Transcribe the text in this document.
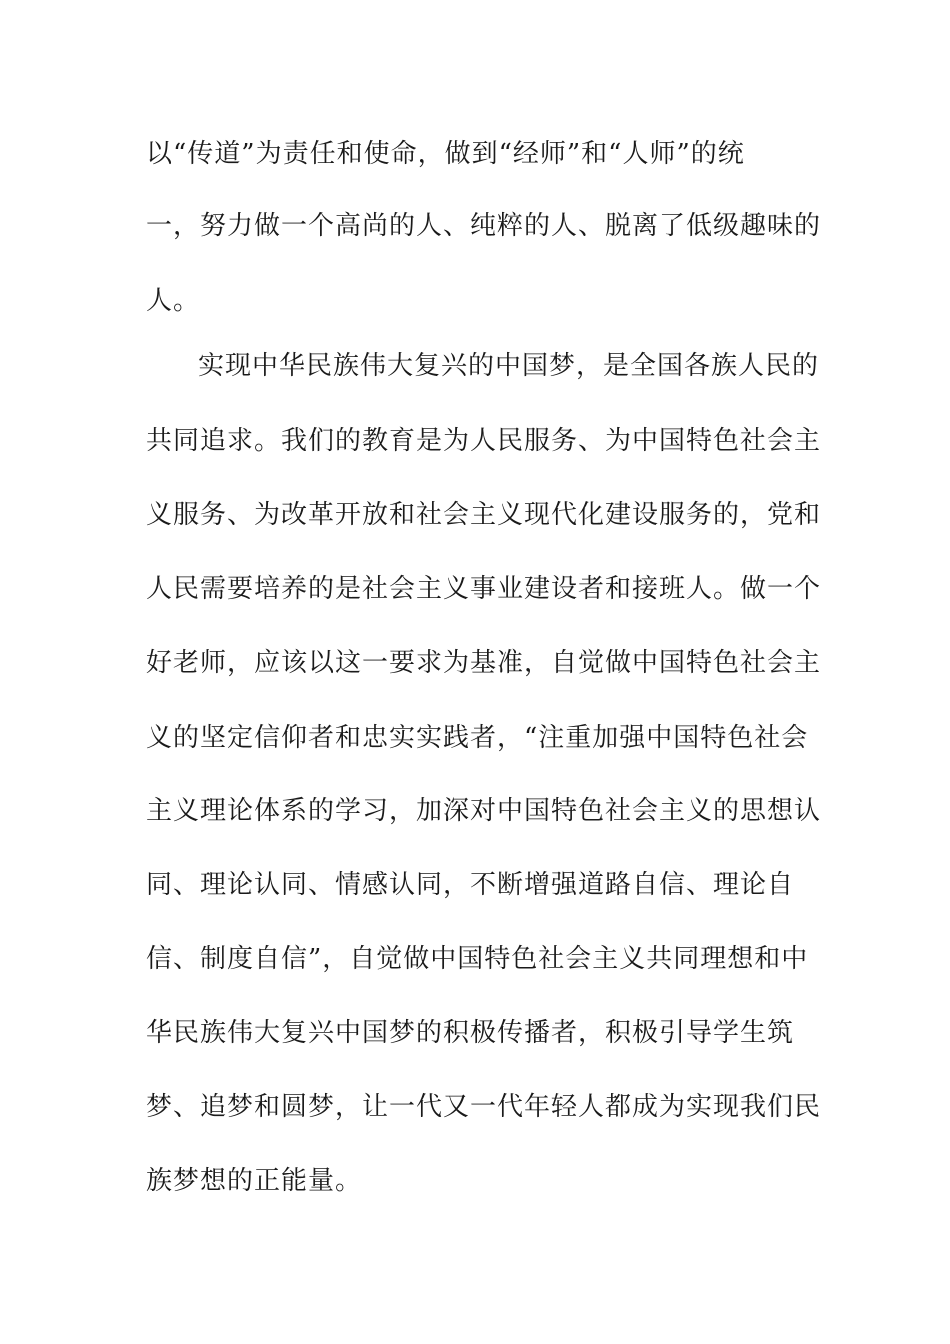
以“传道”为责任和使命，做到“经师”和“人师”的统
一，努力做一个高尚的人、纯粹的人、脱离了低级趣味的
人。
实现中华民族伟大复兴的中国梦，是全国各族人民的
共同追求。我们的教育是为人民服务、为中国特色社会主
义服务、为改革开放和社会主义现代化建设服务的，党和
人民需要培养的是社会主义事业建设者和接班人。做一个
好老师，应该以这一要求为基准，自觉做中国特色社会主
义的坚定信仰者和忠实实践者，“注重加强中国特色社会
主义理论体系的学习，加深对中国特色社会主义的思想认
同、理论认同、情感认同，不断增强道路自信、理论自
信、制度自信”，自觉做中国特色社会主义共同理想和中
华民族伟大复兴中国梦的积极传播者，积极引导学生筑
梦、追梦和圆梦，让一代又一代年轻人都成为实现我们民
族梦想的正能量。
